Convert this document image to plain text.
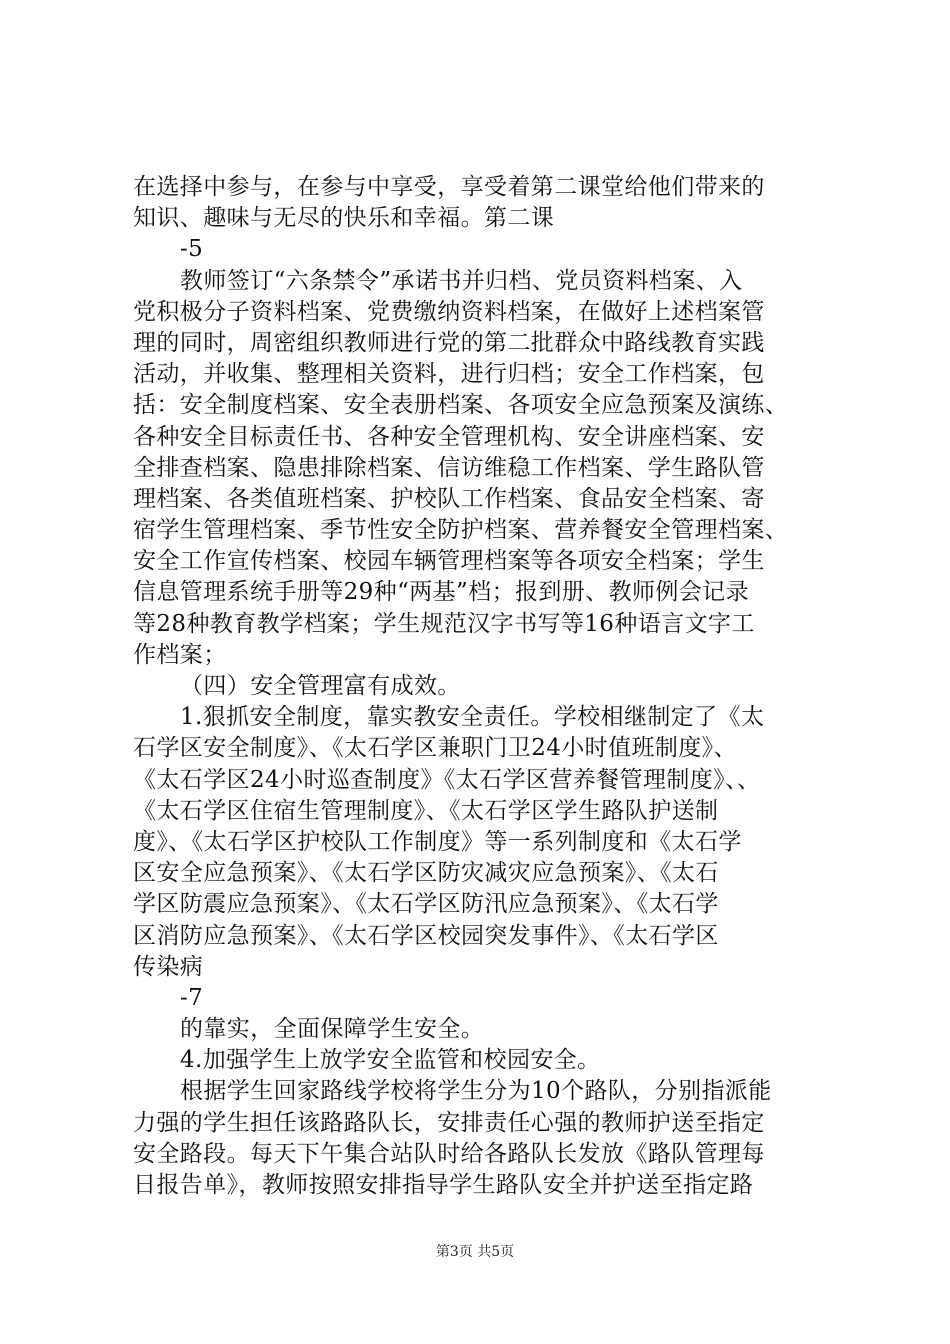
在选择中参与，在参与中享受，享受着第二课堂给他们带来的
知识、趣味与无尽的快乐和幸福。第二课
-5
教师签订“六条禁令”承诺书并归档、党员资料档案、入
党积极分子资料档案、党费缴纳资料档案，在做好上述档案管
理的同时，周密组织教师进行党的第二批群众中路线教育实践
活动，并收集、整理相关资料，进行归档；安全工作档案，包
括：安全制度档案、安全表册档案、各项安全应急预案及演练、
各种安全目标责任书、各种安全管理机构、安全讲座档案、安
全排查档案、隐患排除档案、信访维稳工作档案、学生路队管
理档案、各类值班档案、护校队工作档案、食品安全档案、寄
宿学生管理档案、季节性安全防护档案、营养餐安全管理档案、
安全工作宣传档案、校园车辆管理档案等各项安全档案；学生
信息管理系统手册等29种“两基”档；报到册、教师例会记录
等28种教育教学档案；学生规范汉字书写等16种语言文字工
作档案；
（四）安全管理富有成效。
1.狠抓安全制度，靠实教安全责任。学校相继制定了《太
石学区安全制度》、《太石学区兼职门卫24小时值班制度》、
《太石学区24小时巡查制度》《太石学区营养餐管理制度》、、
《太石学区住宿生管理制度》、《太石学区学生路队护送制
度》、《太石学区护校队工作制度》等一系列制度和《太石学
区安全应急预案》、《太石学区防灾减灾应急预案》、《太石
学区防震应急预案》、《太石学区防汛应急预案》、《太石学
区消防应急预案》、《太石学区校园突发事件》、《太石学区
传染病
-7
的靠实，全面保障学生安全。
4.加强学生上放学安全监管和校园安全。
根据学生回家路线学校将学生分为10个路队，分别指派能
力强的学生担任该路路队长，安排责任心强的教师护送至指定
安全路段。每天下午集合站队时给各路队长发放《路队管理每
日报告单》，教师按照安排指导学生路队安全并护送至指定路
第3页 共5页
